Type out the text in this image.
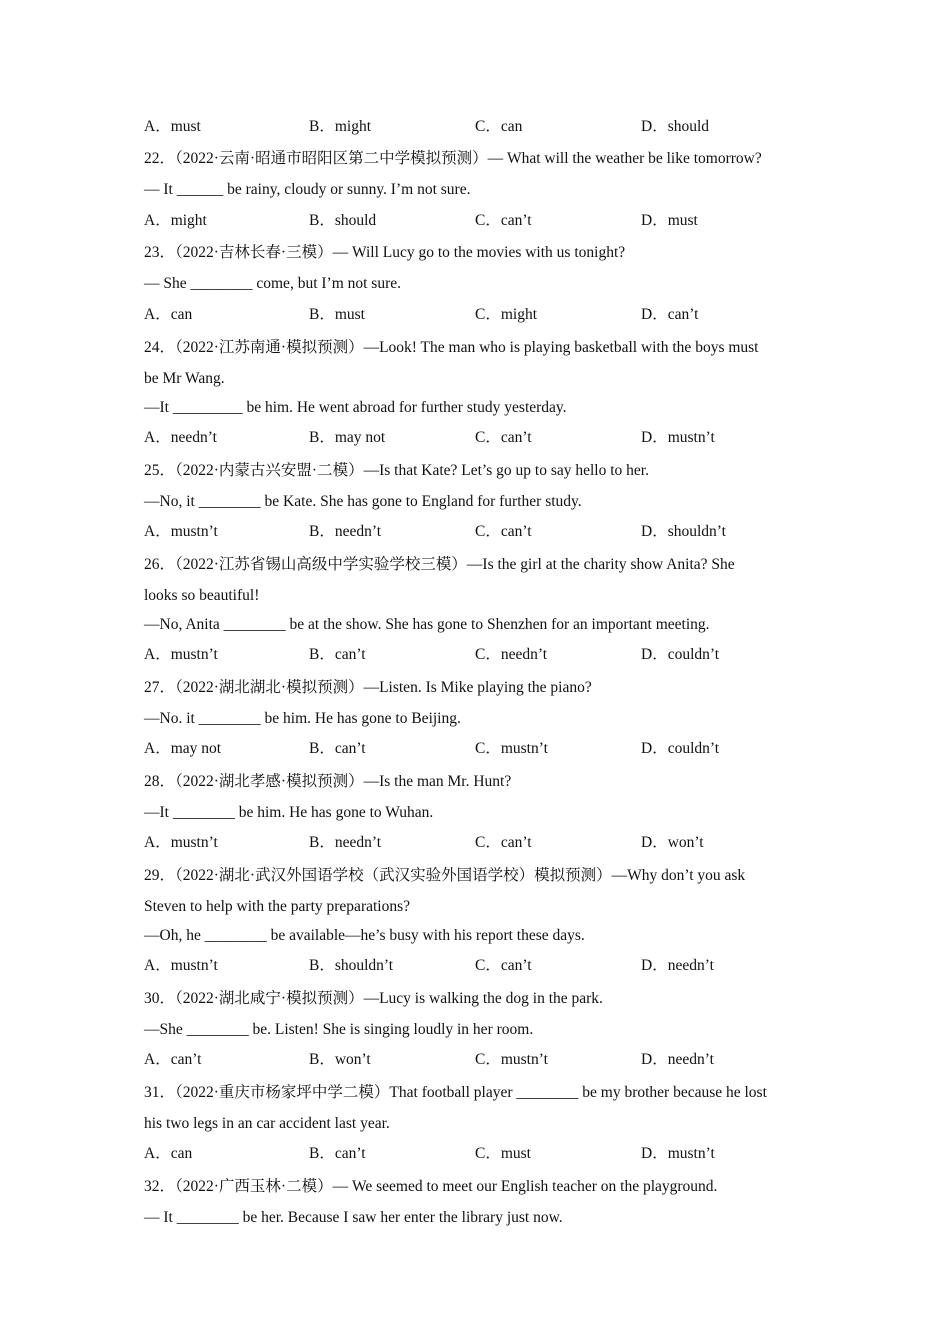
A．must	B．might	C．can	D．should
22．（2022·云南·昭通市昭阳区第二中学模拟预测）— What will the weather be like tomorrow?
— It ______ be rainy, cloudy or sunny. I’m not sure.
A．might	B．should	C．can’t	D．must
23．（2022·吉林长春·三模）— Will Lucy go to the movies with us tonight?
— She ________ come, but I’m not sure.
A．can	B．must	C．might	D．can’t
24．（2022·江苏南通·模拟预测）—Look! The man who is playing basketball with the boys must
be Mr Wang.
—It _________ be him. He went abroad for further study yesterday.
A．needn’t	B．may not	C．can’t	D．mustn’t
25．（2022·内蒙古兴安盟·二模）—Is that Kate? Let’s go up to say hello to her.
—No, it ________ be Kate. She has gone to England for further study.
A．mustn’t	B．needn’t	C．can’t	D．shouldn’t
26．（2022·江苏省锡山高级中学实验学校三模）—Is the girl at the charity show Anita? She
looks so beautiful!
—No, Anita ________ be at the show. She has gone to Shenzhen for an important meeting.
A．mustn’t	B．can’t	C．needn’t	D．couldn’t
27．（2022·湖北湖北·模拟预测）—Listen. Is Mike playing the piano?
—No. it ________ be him. He has gone to Beijing.
A．may not	B．can’t	C．mustn’t	D．couldn’t
28．（2022·湖北孝感·模拟预测）—Is the man Mr. Hunt?
—It ________ be him. He has gone to Wuhan.
A．mustn’t	B．needn’t	C．can’t	D．won’t
29．（2022·湖北·武汉外国语学校（武汉实验外国语学校）模拟预测）—Why don’t you ask
Steven to help with the party preparations?
—Oh, he ________ be available—he’s busy with his report these days.
A．mustn’t	B．shouldn’t	C．can’t	D．needn’t
30．（2022·湖北咸宁·模拟预测）—Lucy is walking the dog in the park.
—She ________ be. Listen! She is singing loudly in her room.
A．can’t	B．won’t	C．mustn’t	D．needn’t
31．（2022·重庆市杨家坪中学二模）That football player ________ be my brother because he lost
his two legs in an car accident last year.
A．can	B．can’t	C．must	D．mustn’t
32．（2022·广西玉林·二模）— We seemed to meet our English teacher on the playground.
— It ________ be her. Because I saw her enter the library just now.
